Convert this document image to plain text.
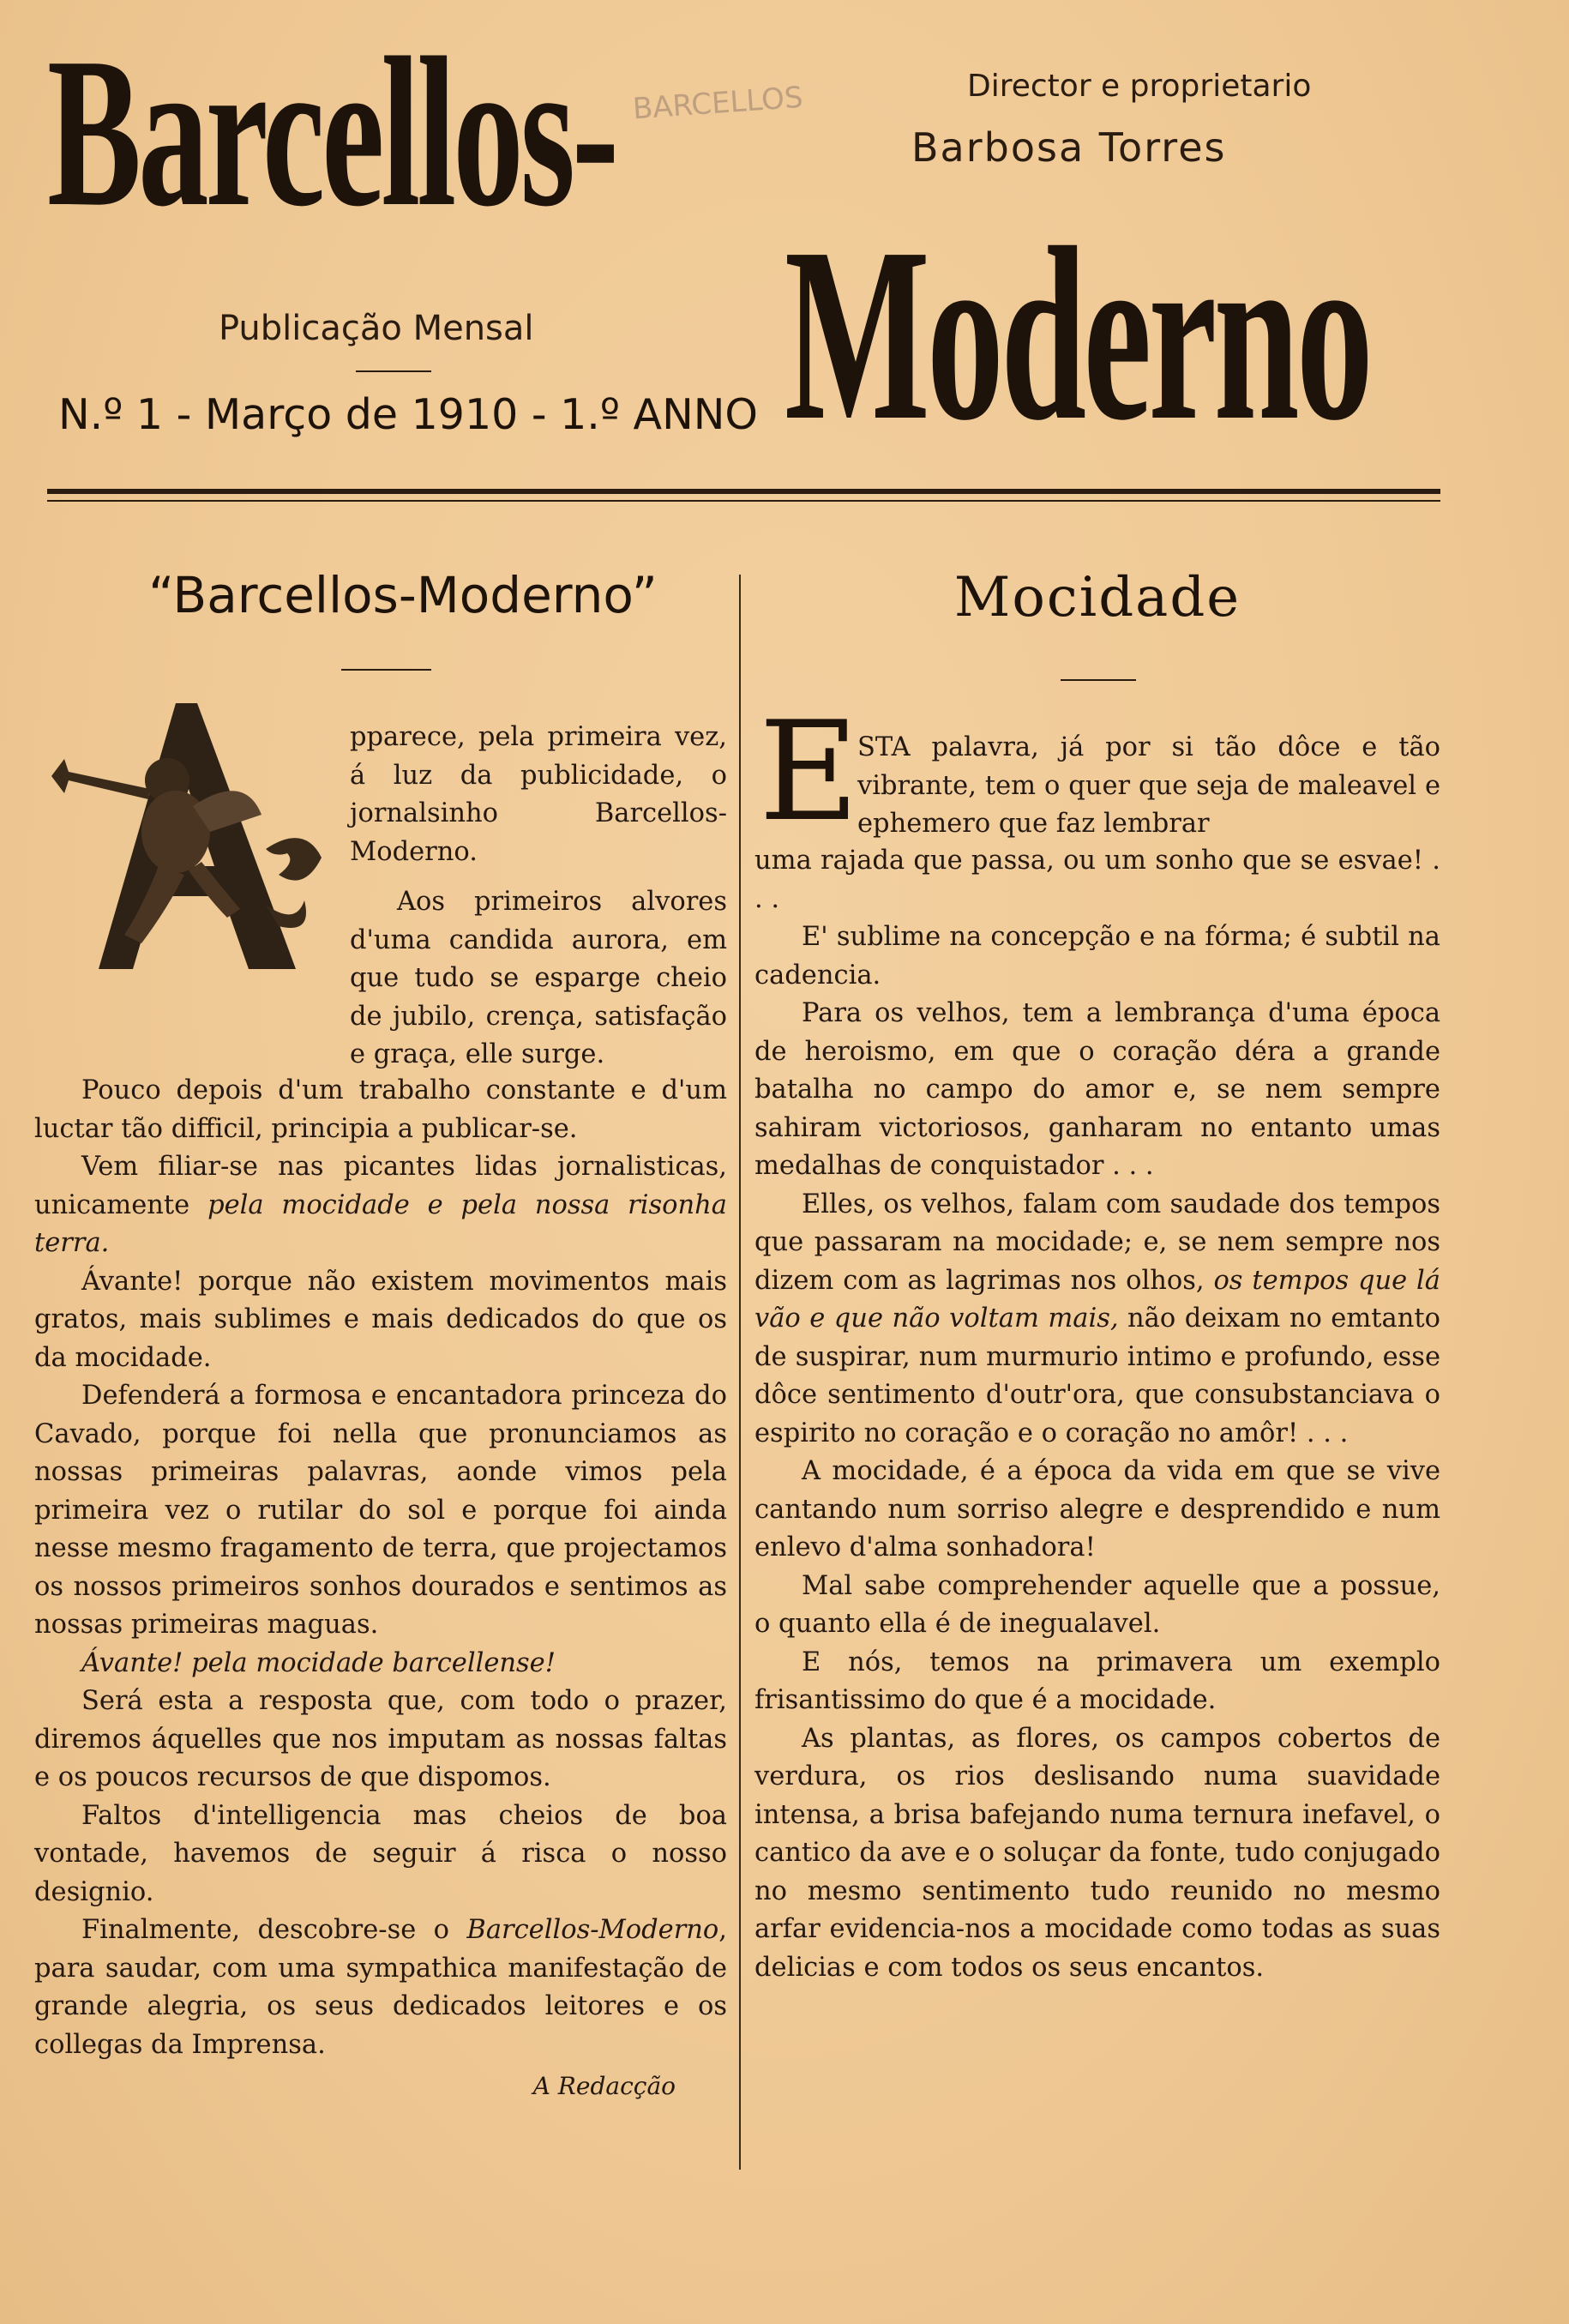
Barcellos-
Moderno
BARCELLOS	Director e proprietario
Barbosa Torres
Publicação Mensal
N.º 1 - Março de 1910 - 1.º ANNO
“Barcellos-Moderno”

pparece, pela primeira vez, á luz da publicidade, o jornalsinho Barcellos-Moderno.

Aos primeiros alvores d'uma candida aurora, em que tudo se esparge cheio de jubilo, crença, satisfação e graça, elle surge.

Pouco depois d'um trabalho constante e d'um luctar tão difficil, principia a publicar-se.

Vem filiar-se nas picantes lidas jornalisticas, unicamente pela mocidade e pela nossa risonha terra.

Ávante! porque não existem movimentos mais gratos, mais sublimes e mais dedicados do que os da mocidade.

Defenderá a formosa e encantadora princeza do Cavado, porque foi nella que pronunciamos as nossas primeiras palavras, aonde vimos pela primeira vez o rutilar do sol e porque foi ainda nesse mesmo fragamento de terra, que projectamos os nossos primeiros sonhos dourados e sentimos as nossas primeiras maguas.

Ávante! pela mocidade barcellense!

Será esta a resposta que, com todo o prazer, diremos áquelles que nos imputam as nossas faltas e os poucos recursos de que dispomos.

Faltos d'intelligencia mas cheios de boa vontade, havemos de seguir á risca o nosso designio.

Finalmente, descobre-se o Barcellos-Moderno, para saudar, com uma sympathica manifestação de grande alegria, os seus dedicados leitores e os collegas da Imprensa.

A Redacção
Mocidade
E

STA palavra, já por si tão dôce e tão vibrante, tem o quer que seja de maleavel e ephemero que faz lembrar

uma rajada que passa, ou um sonho que se esvae! . . .

E' sublime na concepção e na fórma; é subtil na cadencia.

Para os velhos, tem a lembrança d'uma época de heroismo, em que o coração déra a grande batalha no campo do amor e, se nem sempre sahiram victoriosos, ganharam no entanto umas medalhas de conquistador . . .

Elles, os velhos, falam com saudade dos tempos que passaram na mocidade; e, se nem sempre nos dizem com as lagrimas nos olhos, os tempos que lá vão e que não voltam mais, não deixam no emtanto de suspirar, num murmurio intimo e profundo, esse dôce sentimento d'outr'ora, que consubstanciava o espirito no coração e o coração no amôr! . . .

A mocidade, é a época da vida em que se vive cantando num sorriso alegre e desprendido e num enlevo d'alma sonhadora!

Mal sabe comprehender aquelle que a possue, o quanto ella é de inegualavel.

E nós, temos na primavera um exemplo frisantissimo do que é a mocidade.

As plantas, as flores, os campos cobertos de verdura, os rios deslisando numa suavidade intensa, a brisa bafejando numa ternura inefavel, o cantico da ave e o soluçar da fonte, tudo conjugado no mesmo sentimento tudo reunido no mesmo arfar evidencia-nos a mocidade como todas as suas delicias e com todos os seus encantos.
